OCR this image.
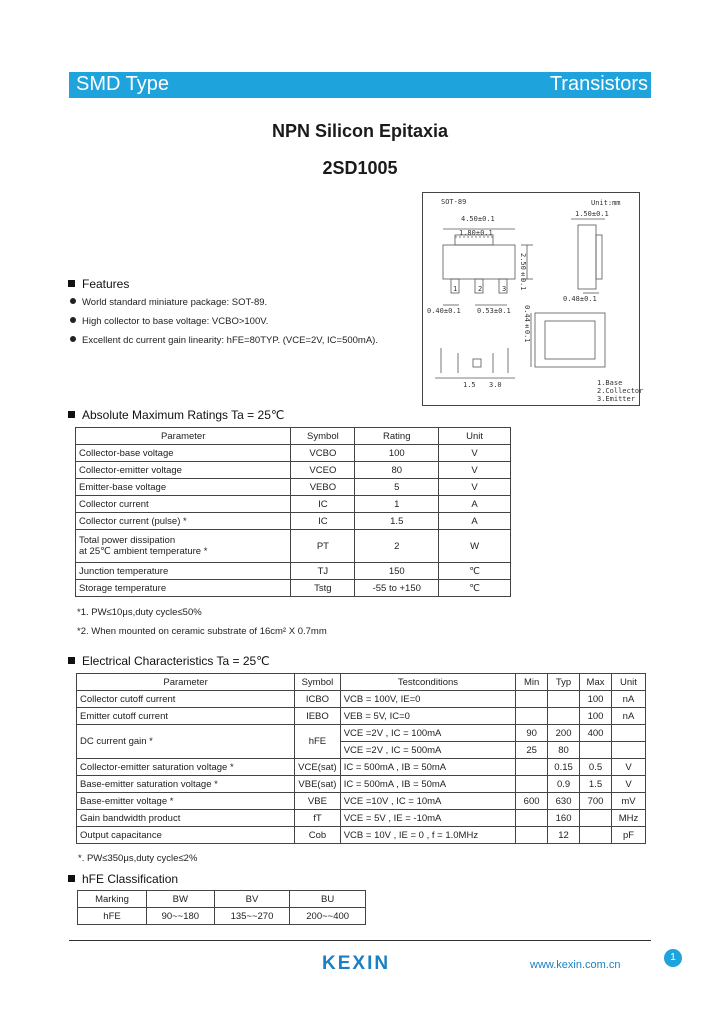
SMD Type	Transistors
NPN Silicon Epitaxia
2SD1005
SOT-89	Unit:mm
4.50±0.1
1.80±0.1
1.50±0.1
2.50±0.1
0.48±0.1
0.40±0.1 0.53±0.1 0.44±0.1
1.5 3.0
1	2	3
1.Base
2.Collector
3.Emitter
Features
World standard miniature package: SOT-89.
High collector to base voltage: VCBO>100V.
Excellent dc current gain linearity: hFE=80TYP. (VCE=2V, IC=500mA).
Absolute Maximum Ratings Ta = 25℃
Parameter	Symbol	Rating	Unit
Collector-base voltage	VCBO	100	V
Collector-emitter voltage	VCEO	80	V
Emitter-base voltage	VEBO	5	V
Collector current	IC	1	A
Collector current (pulse) *	IC	1.5	A
Total power dissipation
at 25℃ ambient temperature *	PT	2	W
Junction temperature	TJ	150	℃
Storage temperature	Tstg	-55 to +150	℃
*1. PW≤10μs,duty cycle≤50%
*2. When mounted on ceramic substrate of 16cm² X 0.7mm
Electrical Characteristics Ta = 25℃
Parameter	Symbol	Testconditions	Min	Typ	Max	Unit
Collector cutoff current	ICBO	VCB = 100V, IE=0			100	nA
Emitter cutoff current	IEBO	VEB = 5V, IC=0			100	nA
DC current gain *	hFE	VCE =2V , IC = 100mA	90	200	400	
		VCE =2V , IC = 500mA	25	80		
Collector-emitter saturation voltage *	VCE(sat)	IC = 500mA , IB = 50mA		0.15	0.5	V
Base-emitter saturation voltage *	VBE(sat)	IC = 500mA , IB = 50mA		0.9	1.5	V
Base-emitter voltage *	VBE	VCE =10V , IC = 10mA	600	630	700	mV
Gain bandwidth product	fT	VCE = 5V , IE = -10mA		160		MHz
Output capacitance	Cob	VCB = 10V , IE = 0 , f = 1.0MHz		12		pF
*. PW≤350μs,duty cycle≤2%
hFE Classification
Marking	BW	BV	BU
hFE	90~~180	135~~270	200~~400
KEXIN	www.kexin.com.cn
1
